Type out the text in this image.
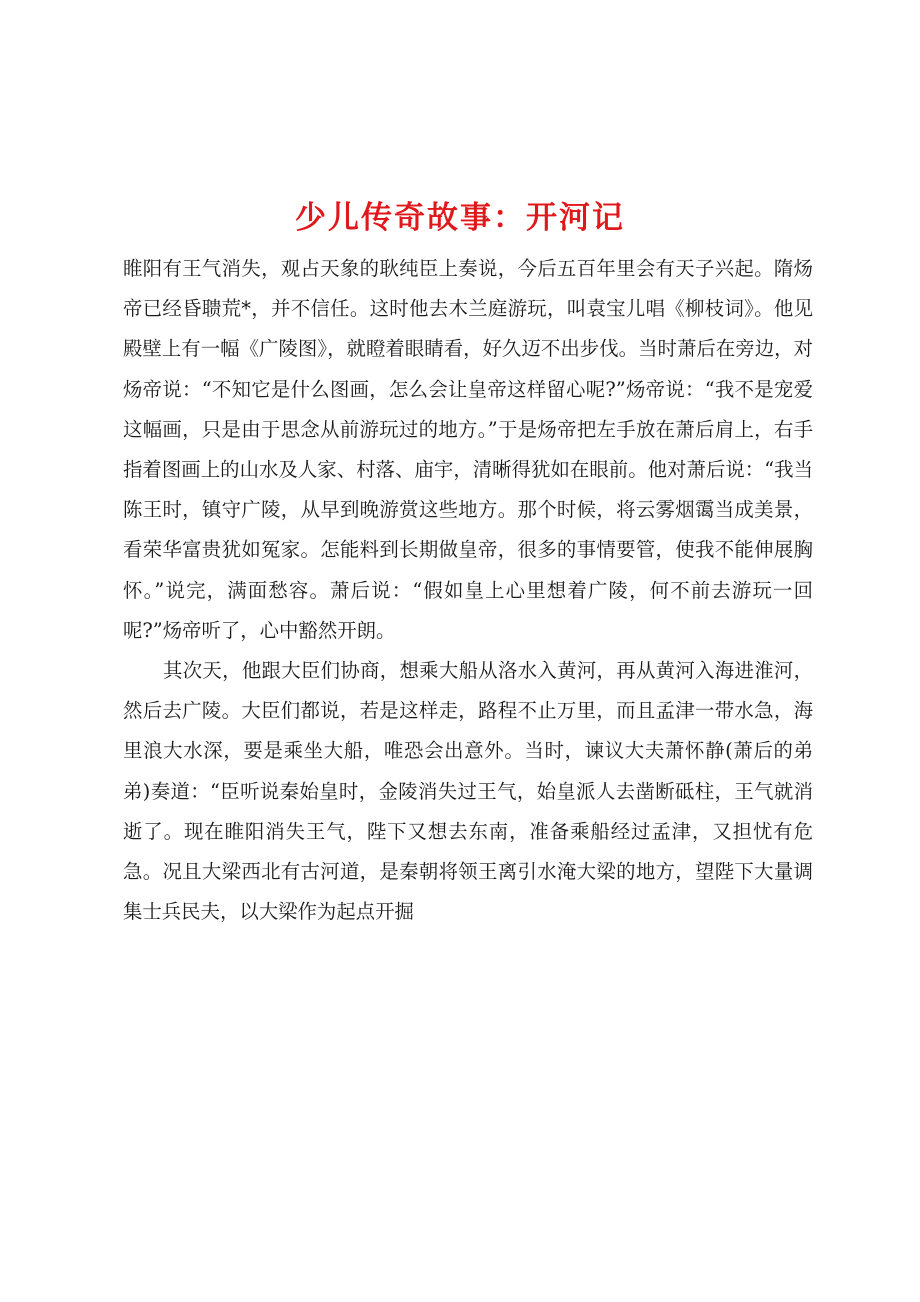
少儿传奇故事：开河记

睢阳有王气消失，观占天象的耿纯臣上奏说，今后五百年里会有天子兴起。隋炀帝已经昏聩荒*，并不信任。这时他去木兰庭游玩，叫袁宝儿唱《柳枝词》。他见殿壁上有一幅《广陵图》，就瞪着眼睛看，好久迈不出步伐。当时萧后在旁边，对炀帝说：“不知它是什么图画，怎么会让皇帝这样留心呢?”炀帝说：“我不是宠爱这幅画，只是由于思念从前游玩过的地方。”于是炀帝把左手放在萧后肩上，右手指着图画上的山水及人家、村落、庙宇，清晰得犹如在眼前。他对萧后说：“我当陈王时，镇守广陵，从早到晚游赏这些地方。那个时候，将云雾烟霭当成美景，看荣华富贵犹如冤家。怎能料到长期做皇帝，很多的事情要管，使我不能伸展胸怀。”说完，满面愁容。萧后说：“假如皇上心里想着广陵，何不前去游玩一回呢?”炀帝听了，心中豁然开朗。

其次天，他跟大臣们协商，想乘大船从洛水入黄河，再从黄河入海进淮河，然后去广陵。大臣们都说，若是这样走，路程不止万里，而且孟津一带水急，海里浪大水深，要是乘坐大船，唯恐会出意外。当时，谏议大夫萧怀静(萧后的弟弟)奏道：“臣听说秦始皇时，金陵消失过王气，始皇派人去凿断砥柱，王气就消逝了。现在睢阳消失王气，陛下又想去东南，准备乘船经过孟津，又担忧有危急。况且大梁西北有古河道，是秦朝将领王离引水淹大梁的地方，望陛下大量调集士兵民夫，以大梁作为起点开掘
